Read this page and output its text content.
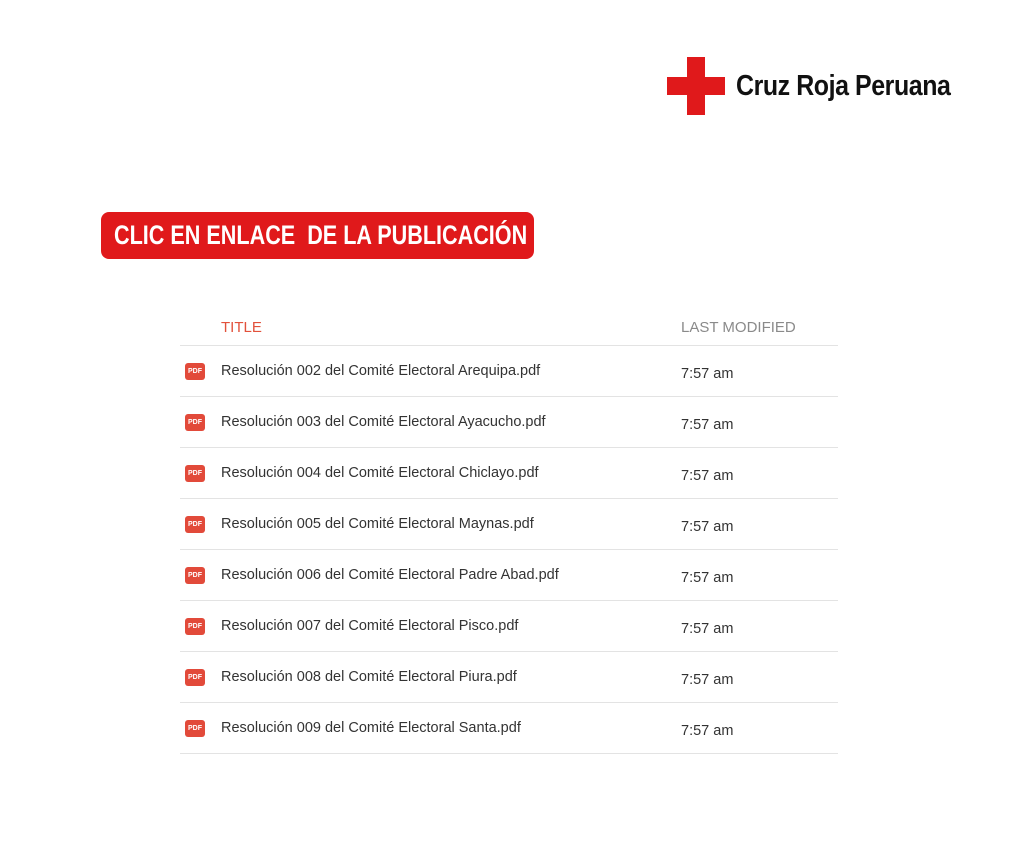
Cruz Roja Peruana
CLIC EN ENLACE  DE LA PUBLICACIÓN
TITLE	LAST MODIFIED
PDF Resolución 002 del Comité Electoral Arequipa.pdf	7:57 am
PDF Resolución 003 del Comité Electoral Ayacucho.pdf	7:57 am
PDF Resolución 004 del Comité Electoral Chiclayo.pdf	7:57 am
PDF Resolución 005 del Comité Electoral Maynas.pdf	7:57 am
PDF Resolución 006 del Comité Electoral Padre Abad.pdf	7:57 am
PDF Resolución 007 del Comité Electoral Pisco.pdf	7:57 am
PDF Resolución 008 del Comité Electoral Piura.pdf	7:57 am
PDF Resolución 009 del Comité Electoral Santa.pdf	7:57 am
